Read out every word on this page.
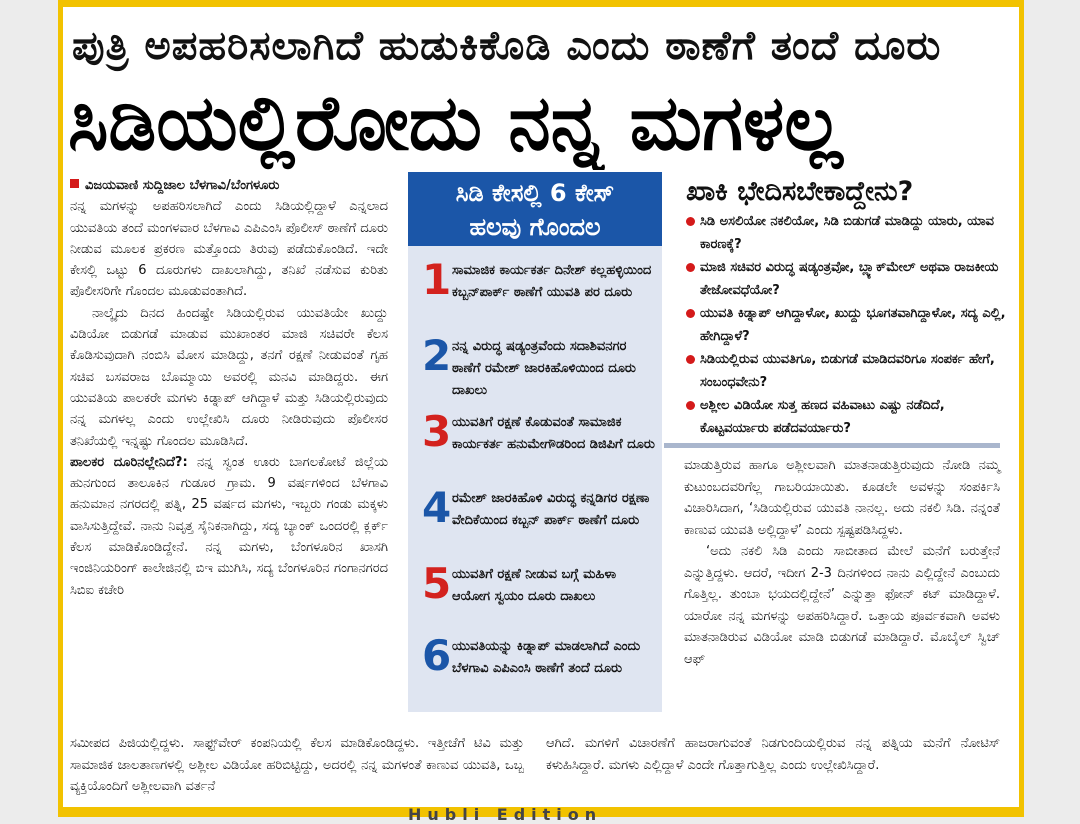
ಪುತ್ರಿ ಅಪಹರಿಸಲಾಗಿದೆ ಹುಡುಕಿಕೊಡಿ ಎಂದು ಠಾಣೆಗೆ ತಂದೆ ದೂರು
ಸಿಡಿಯಲ್ಲಿರೋದು ನನ್ನ ಮಗಳಲ್ಲ

ವಿಜಯವಾಣಿ ಸುದ್ದಿಜಾಲ ಬೆಳಗಾವಿ/ಬೆಂಗಳೂರು

ನನ್ನ ಮಗಳನ್ನು ಅಪಹರಿಸಲಾಗಿದೆ ಎಂದು ಸಿಡಿಯಲ್ಲಿದ್ದಾಳೆ ಎನ್ನಲಾದ ಯುವತಿಯ ತಂದೆ ಮಂಗಳವಾರ ಬೆಳಗಾವಿ ಎಪಿಎಂಸಿ ಪೊಲೀಸ್ ಠಾಣೆಗೆ ದೂರು ನೀಡುವ ಮೂಲಕ ಪ್ರಕರಣ ಮತ್ತೊಂದು ತಿರುವು ಪಡೆದುಕೊಂಡಿದೆ. ಇದೇ ಕೇಸಲ್ಲಿ ಒಟ್ಟು 6 ದೂರುಗಳು ದಾಖಲಾಗಿದ್ದು, ತನಿಖೆ ನಡೆಸುವ ಕುರಿತು ಪೊಲೀಸರಿಗೇ ಗೊಂದಲ ಮೂಡುವಂತಾಗಿದೆ.

ನಾಲ್ಕೈದು ದಿನದ ಹಿಂದಷ್ಟೇ ಸಿಡಿಯಲ್ಲಿರುವ ಯುವತಿಯೇ ಖುದ್ದು ವಿಡಿಯೋ ಬಿಡುಗಡೆ ಮಾಡುವ ಮುಖಾಂತರ ಮಾಜಿ ಸಚಿವರೇ ಕೆಲಸ ಕೊಡಿಸುವುದಾಗಿ ನಂಬಿಸಿ ಮೋಸ ಮಾಡಿದ್ದು, ತನಗೆ ರಕ್ಷಣೆ ನೀಡುವಂತೆ ಗೃಹ ಸಚಿವ ಬಸವರಾಜ ಬೊಮ್ಮಾಯಿ ಅವರಲ್ಲಿ ಮನವಿ ಮಾಡಿದ್ದರು. ಈಗ ಯುವತಿಯ ಪಾಲಕರೇ ಮಗಳು ಕಿಡ್ನಾಪ್ ಆಗಿದ್ದಾಳೆ ಮತ್ತು ಸಿಡಿಯಲ್ಲಿರುವುದು ನನ್ನ ಮಗಳಲ್ಲ ಎಂದು ಉಲ್ಲೇಖಿಸಿ ದೂರು ನೀಡಿರುವುದು ಪೊಲೀಸರ ತನಿಖೆಯಲ್ಲಿ ಇನ್ನಷ್ಟು ಗೊಂದಲ ಮೂಡಿಸಿದೆ.

ಪಾಲಕರ ದೂರಿನಲ್ಲೇನಿದೆ?: ನನ್ನ ಸ್ವಂತ ಊರು ಬಾಗಲಕೋಟೆ ಜಿಲ್ಲೆಯ ಹುನಗುಂದ ತಾಲೂಕಿನ ಗುಡೂರ ಗ್ರಾಮ. 9 ವರ್ಷಗಳಿಂದ ಬೆಳಗಾವಿ ಹನುಮಾನ ನಗರದಲ್ಲಿ ಪತ್ನಿ, 25 ವರ್ಷದ ಮಗಳು, ಇಬ್ಬರು ಗಂಡು ಮಕ್ಕಳು ವಾಸಿಸುತ್ತಿದ್ದೇವೆ. ನಾನು ನಿವೃತ್ತ ಸೈನಿಕನಾಗಿದ್ದು, ಸದ್ಯ ಬ್ಯಾಂಕ್ ಒಂದರಲ್ಲಿ ಕ್ಲರ್ಕ್ ಕೆಲಸ ಮಾಡಿಕೊಂಡಿದ್ದೇನೆ. ನನ್ನ ಮಗಳು, ಬೆಂಗಳೂರಿನ ಖಾಸಗಿ ಇಂಜಿನಿಯರಿಂಗ್ ಕಾಲೇಜಿನಲ್ಲಿ ಬಿಇ ಮುಗಿಸಿ, ಸದ್ಯ ಬೆಂಗಳೂರಿನ ಗಂಗಾನಗರದ ಸಿಬಿಐ ಕಚೇರಿ

ಸಿಡಿ ಕೇಸಲ್ಲಿ 6 ಕೇಸ್
ಹಲವು ಗೊಂದಲ
1 ಸಾಮಾಜಿಕ ಕಾರ್ಯಕರ್ತ ದಿನೇಶ್ ಕಲ್ಲಹಳ್ಳಿಯಿಂದ ಕಬ್ಬನ್‌ಪಾರ್ಕ್ ಠಾಣೆಗೆ ಯುವತಿ ಪರ ದೂರು
2 ನನ್ನ ವಿರುದ್ಧ ಷಡ್ಯಂತ್ರವೆಂದು ಸದಾಶಿವನಗರ ಠಾಣೆಗೆ ರಮೇಶ್ ಜಾರಕಿಹೊಳಿಯಿಂದ ದೂರು ದಾಖಲು
3 ಯುವತಿಗೆ ರಕ್ಷಣೆ ಕೊಡುವಂತೆ ಸಾಮಾಜಿಕ ಕಾರ್ಯಕರ್ತ ಹನುಮೇಗೌಡರಿಂದ ಡಿಜಿಪಿಗೆ ದೂರು
4 ರಮೇಶ್ ಜಾರಕಿಹೊಳಿ ವಿರುದ್ಧ ಕನ್ನಡಿಗರ ರಕ್ಷಣಾ ವೇದಿಕೆಯಿಂದ ಕಬ್ಬನ್ ಪಾರ್ಕ್ ಠಾಣೆಗೆ ದೂರು
5 ಯುವತಿಗೆ ರಕ್ಷಣೆ ನೀಡುವ ಬಗ್ಗೆ ಮಹಿಳಾ ಆಯೋಗ ಸ್ವಯಂ ದೂರು ದಾಖಲು
6 ಯುವತಿಯನ್ನು ಕಿಡ್ನಾಪ್ ಮಾಡಲಾಗಿದೆ ಎಂದು ಬೆಳಗಾವಿ ಎಪಿಎಂಸಿ ಠಾಣೆಗೆ ತಂದೆ ದೂರು
ಖಾಕಿ ಭೇದಿಸಬೇಕಾದ್ದೇನು?
ಸಿಡಿ ಅಸಲಿಯೋ ನಕಲಿಯೋ, ಸಿಡಿ ಬಿಡುಗಡೆ ಮಾಡಿದ್ದು ಯಾರು, ಯಾವ ಕಾರಣಕ್ಕೆ?
ಮಾಜಿ ಸಚಿವರ ವಿರುದ್ಧ ಷಡ್ಯಂತ್ರವೋ, ಬ್ಲ್ಯಾಕ್‌ಮೇಲ್ ಅಥವಾ ರಾಜಕೀಯ ತೇಜೋವಧೆಯೋ?
ಯುವತಿ ಕಿಡ್ನಾಪ್ ಆಗಿದ್ದಾಳೋ, ಖುದ್ದು ಭೂಗತವಾಗಿದ್ದಾಳೋ, ಸದ್ಯ ಎಲ್ಲಿ, ಹೇಗಿದ್ದಾಳೆ?
ಸಿಡಿಯಲ್ಲಿರುವ ಯುವತಿಗೂ, ಬಿಡುಗಡೆ ಮಾಡಿದವರಿಗೂ ಸಂಪರ್ಕ ಹೇಗೆ, ಸಂಬಂಧವೇನು?
ಅಶ್ಲೀಲ ವಿಡಿಯೋ ಸುತ್ತ ಹಣದ ವಹಿವಾಟು ಎಷ್ಟು ನಡೆದಿದೆ, ಕೊಟ್ಟವರ್ಯಾರು ಪಡೆದವರ್ಯಾರು?

ಮಾಡುತ್ತಿರುವ ಹಾಗೂ ಅಶ್ಲೀಲವಾಗಿ ಮಾತನಾಡುತ್ತಿರುವುದು ನೋಡಿ ನಮ್ಮ ಕುಟುಂಬದವರಿಗೆಲ್ಲ ಗಾಬರಿಯಾಯಿತು. ಕೂಡಲೇ ಅವಳನ್ನು ಸಂಪರ್ಕಿಸಿ ವಿಚಾರಿಸಿದಾಗ, ‘ಸಿಡಿಯಲ್ಲಿರುವ ಯುವತಿ ನಾನಲ್ಲ. ಅದು ನಕಲಿ ಸಿಡಿ. ನನ್ನಂತೆ ಕಾಣುವ ಯುವತಿ ಅಲ್ಲಿದ್ದಾಳೆ’ ಎಂದು ಸ್ಪಷ್ಟಪಡಿಸಿದ್ದಳು.

‘ಅದು ನಕಲಿ ಸಿಡಿ ಎಂದು ಸಾಬೀತಾದ ಮೇಲೆ ಮನೆಗೆ ಬರುತ್ತೇನೆ ಎನ್ನುತ್ತಿದ್ದಳು. ಆದರೆ, ಇದೀಗ 2-3 ದಿನಗಳಿಂದ ನಾನು ಎಲ್ಲಿದ್ದೇನೆ ಎಂಬುದು ಗೊತ್ತಿಲ್ಲ. ತುಂಬಾ ಭಯದಲ್ಲಿದ್ದೇನೆ’ ಎನ್ನುತ್ತಾ ಫೋನ್ ಕಟ್ ಮಾಡಿದ್ದಾಳೆ. ಯಾರೋ ನನ್ನ ಮಗಳನ್ನು ಅಪಹರಿಸಿದ್ದಾರೆ. ಒತ್ತಾಯ ಪೂರ್ವಕವಾಗಿ ಅವಳು ಮಾತನಾಡಿರುವ ವಿಡಿಯೋ ಮಾಡಿ ಬಿಡುಗಡೆ ಮಾಡಿದ್ದಾರೆ. ಮೊಬೈಲ್ ಸ್ವಿಚ್ ಆಫ್

ಸಮೀಪದ ಪಿಜಿಯಲ್ಲಿದ್ದಳು. ಸಾಫ್ಟ್‌ವೇರ್ ಕಂಪನಿಯಲ್ಲಿ ಕೆಲಸ ಮಾಡಿಕೊಂಡಿದ್ದಳು. ಇತ್ತೀಚೆಗೆ ಟಿವಿ ಮತ್ತು ಸಾಮಾಜಿಕ ಜಾಲತಾಣಗಳಲ್ಲಿ ಅಶ್ಲೀಲ ವಿಡಿಯೋ ಹರಿಬಿಟ್ಟಿದ್ದು, ಅದರಲ್ಲಿ ನನ್ನ ಮಗಳಂತೆ ಕಾಣುವ ಯುವತಿ, ಒಬ್ಬ ವ್ಯಕ್ತಿಯೊಂದಿಗೆ ಅಶ್ಲೀಲವಾಗಿ ವರ್ತನೆ

ಆಗಿದೆ. ಮಗಳಿಗೆ ವಿಚಾರಣೆಗೆ ಹಾಜರಾಗುವಂತೆ ನಿಡಗುಂದಿಯಲ್ಲಿರುವ ನನ್ನ ಪತ್ನಿಯ ಮನೆಗೆ ನೋಟಿಸ್ ಕಳುಹಿಸಿದ್ದಾರೆ. ಮಗಳು ಎಲ್ಲಿದ್ದಾಳೆ ಎಂದೇ ಗೊತ್ತಾಗುತ್ತಿಲ್ಲ ಎಂದು ಉಲ್ಲೇಖಿಸಿದ್ದಾರೆ.

Hubli Edition
